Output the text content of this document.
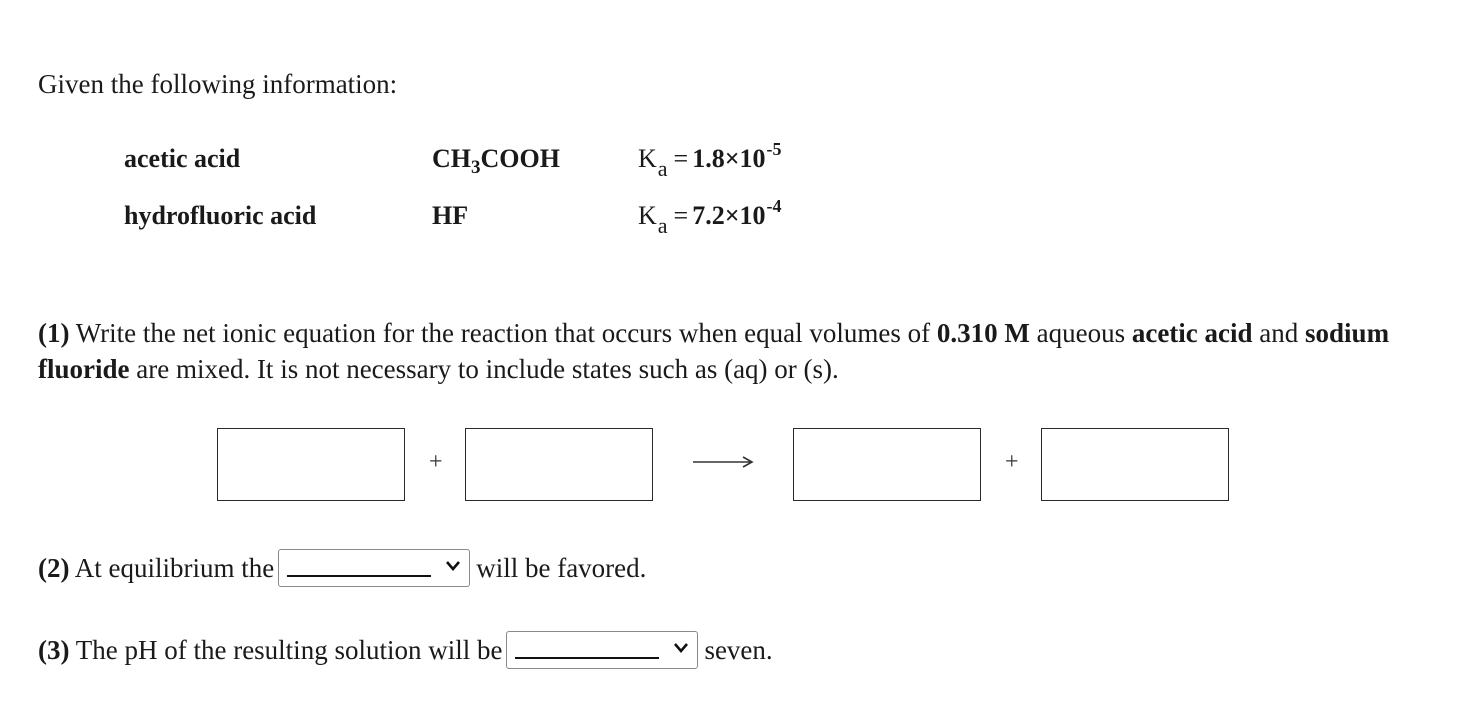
Given the following information:
acetic acid	$CH_3COOH$	$K_a = 1.8\times 10^{-5}$
hydrofluoric acid	HF	$K_a = 7.2\times 10^{-4}$
(1) Write the net ionic equation for the reaction that occurs when equal volumes of 0.310 M aqueous acetic acid and sodium fluoride are mixed. It is not necessary to include states such as (aq) or (s).
+	+
(2) At equilibrium the	will be favored.
(3) The pH of the resulting solution will be	seven.
